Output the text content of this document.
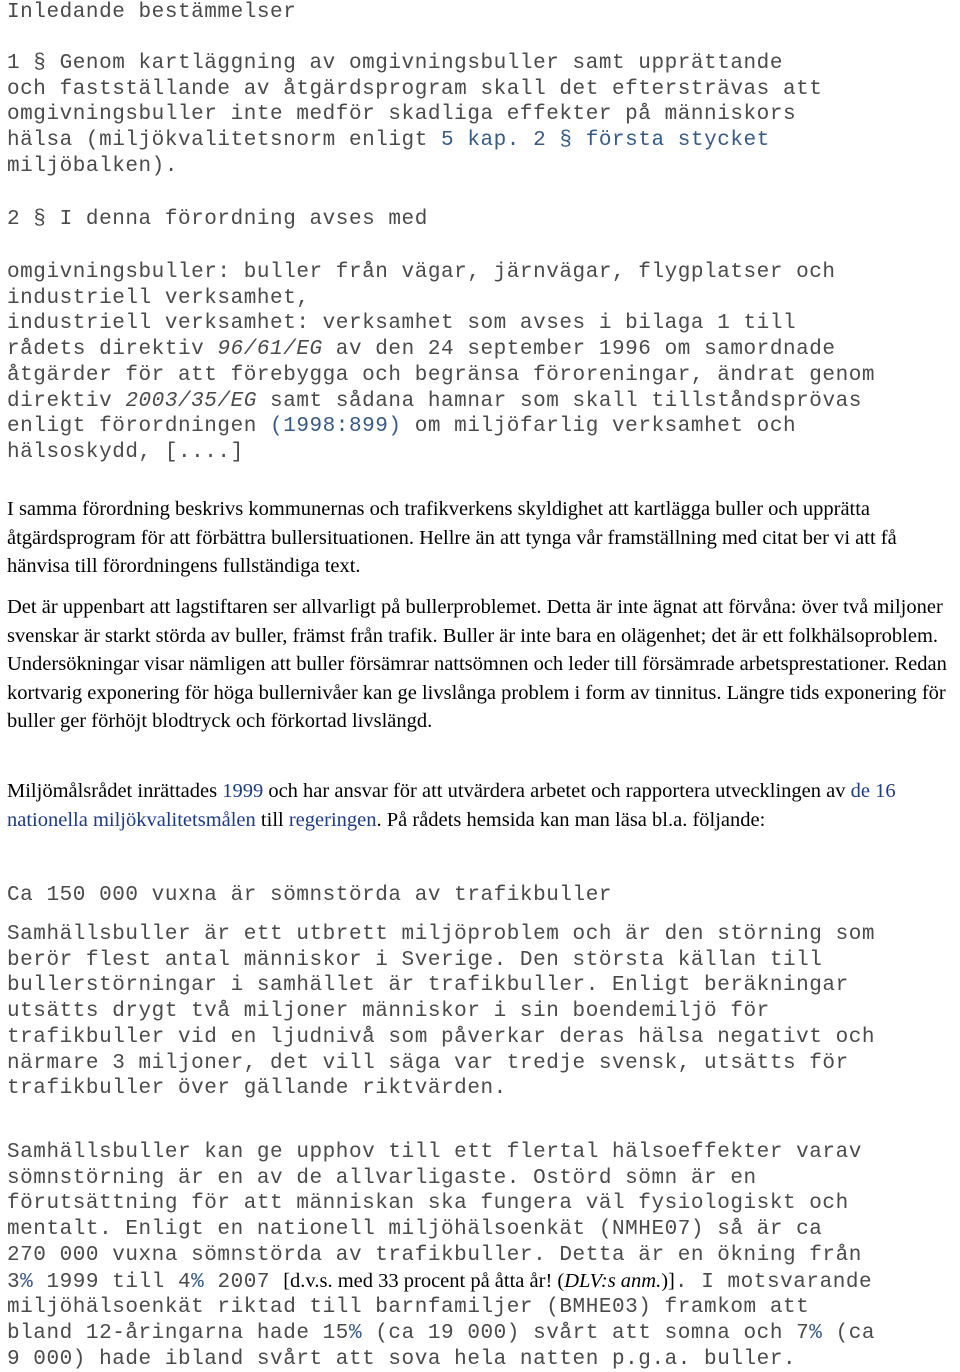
Inledande bestämmelser

1 § Genom kartläggning av omgivningsbuller samt upprättande
och fastställande av åtgärdsprogram skall det eftersträvas att
omgivningsbuller inte medför skadliga effekter på människors
hälsa (miljökvalitetsnorm enligt 5 kap. 2 § första stycket
miljöbalken).

2 § I denna förordning avses med

omgivningsbuller: buller från vägar, järnvägar, flygplatser och
industriell verksamhet,
industriell verksamhet: verksamhet som avses i bilaga 1 till
rådets direktiv 96/61/EG av den 24 september 1996 om samordnade
åtgärder för att förebygga och begränsa föroreningar, ändrat genom
direktiv 2003/35/EG samt sådana hamnar som skall tillståndsprövas
enligt förordningen (1998:899) om miljöfarlig verksamhet och
hälsoskydd, [....]

I samma förordning beskrivs kommunernas och trafikverkens skyldighet att kartlägga buller och upprätta åtgärdsprogram för att förbättra bullersituationen. Hellre än att tynga vår framställning med citat ber vi att få hänvisa till förordningens fullständiga text.

Det är uppenbart att lagstiftaren ser allvarligt på bullerproblemet. Detta är inte ägnat att förvåna: över två miljoner svenskar är starkt störda av buller, främst från trafik. Buller är inte bara en olägenhet; det är ett folkhälsoproblem. Undersökningar visar nämligen att buller försämrar nattsömnen och leder till försämrade arbetsprestationer. Redan kortvarig exponering för höga bullernivåer kan ge livslånga problem i form av tinnitus. Längre tids exponering för buller ger förhöjt blodtryck och förkortad livslängd.

Miljömålsrådet inrättades 1999 och har ansvar för att utvärdera arbetet och rapportera utvecklingen av de 16 nationella miljökvalitetsmålen till regeringen. På rådets hemsida kan man läsa bl.a. följande:

Ca 150 000 vuxna är sömnstörda av trafikbuller

Samhällsbuller är ett utbrett miljöproblem och är den störning som
berör flest antal människor i Sverige. Den största källan till
bullerstörningar i samhället är trafikbuller. Enligt beräkningar
utsätts drygt två miljoner människor i sin boendemiljö för
trafikbuller vid en ljudnivå som påverkar deras hälsa negativt och
närmare 3 miljoner, det vill säga var tredje svensk, utsätts för
trafikbuller över gällande riktvärden.

Samhällsbuller kan ge upphov till ett flertal hälsoeffekter varav
sömnstörning är en av de allvarligaste. Ostörd sömn är en
förutsättning för att människan ska fungera väl fysiologiskt och
mentalt. Enligt en nationell miljöhälsoenkät (NMHE07) så är ca
270 000 vuxna sömnstörda av trafikbuller. Detta är en ökning från
3% 1999 till 4% 2007 [d.v.s. med 33 procent på åtta år! (DLV:s anm.)]. I motsvarande
miljöhälsoenkät riktad till barnfamiljer (BMHE03) framkom att
bland 12-åringarna hade 15% (ca 19 000) svårt att somna och 7% (ca
9 000) hade ibland svårt att sova hela natten p.g.a. buller.
